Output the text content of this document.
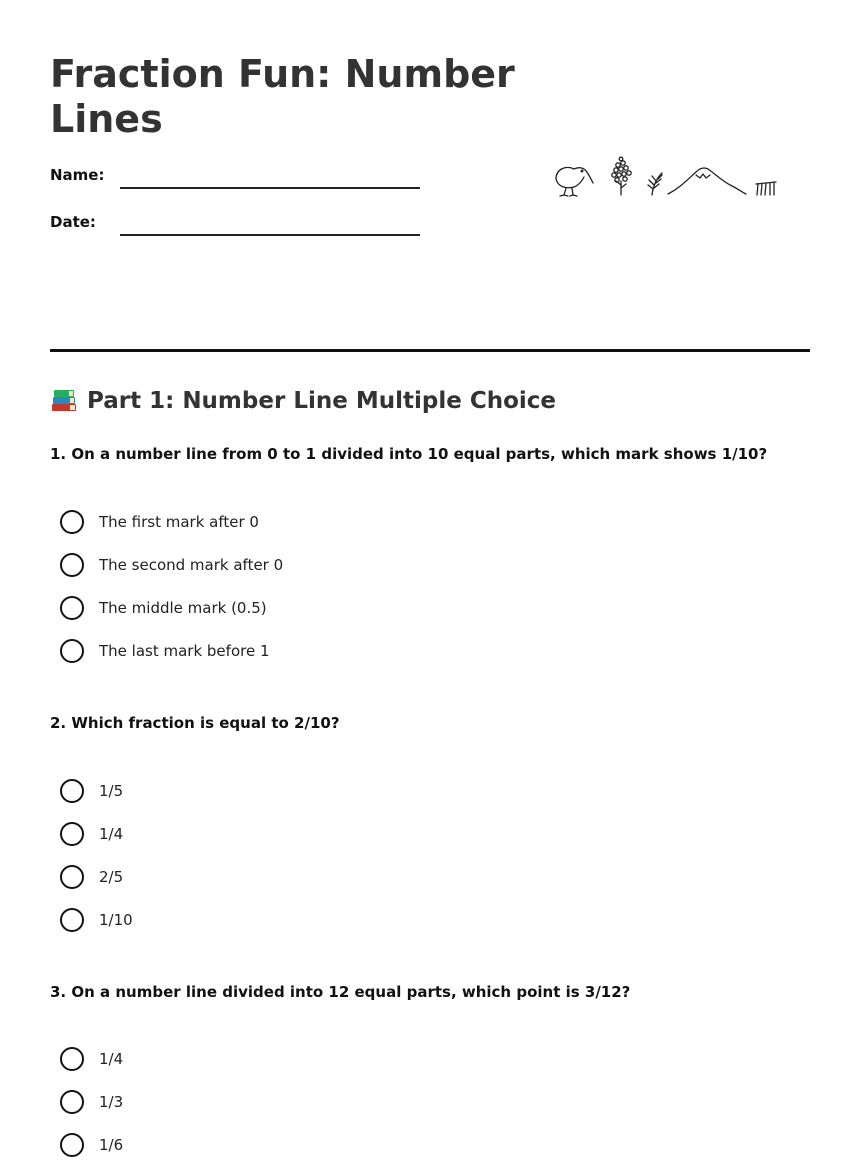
Fraction Fun: Number Lines
Name:
Date:
Part 1: Number Line Multiple Choice

1. On a number line from 0 to 1 divided into 10 equal parts, which mark shows 1/10?

The first mark after 0
The second mark after 0
The middle mark (0.5)
The last mark before 1

2. Which fraction is equal to 2/10?

1/5
1/4
2/5
1/10

3. On a number line divided into 12 equal parts, which point is 3/12?

1/4
1/3
1/6
